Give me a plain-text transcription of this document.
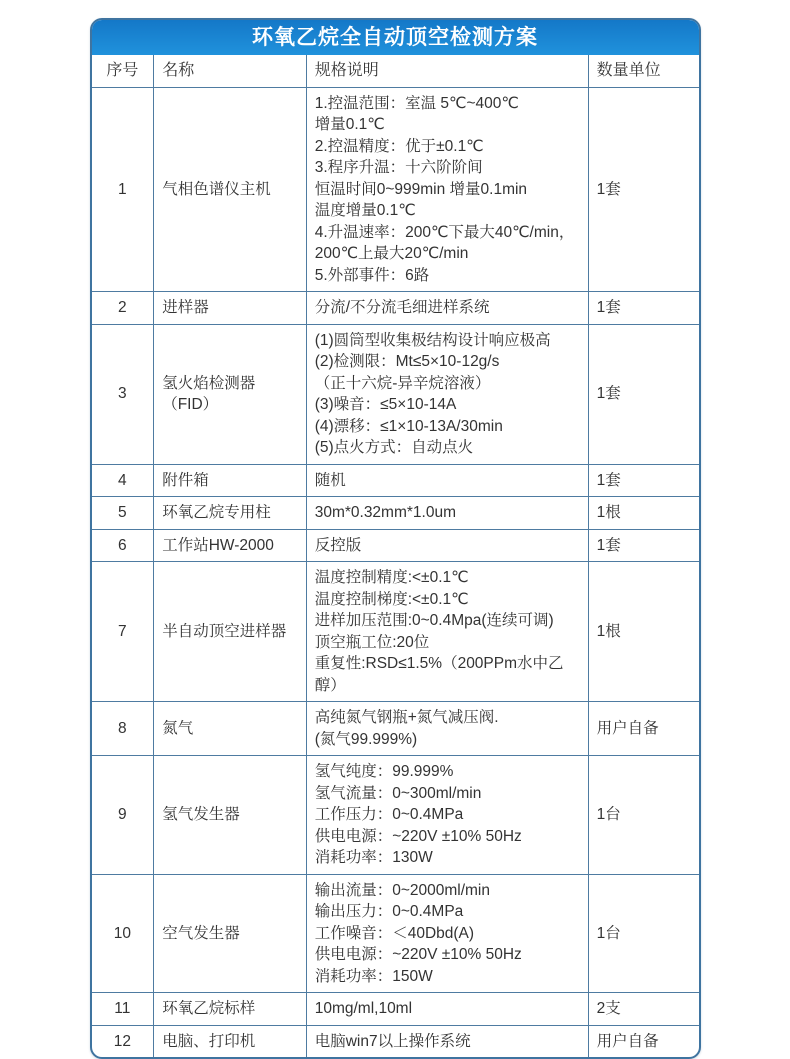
环氧乙烷全自动顶空检测方案
序号	名称	规格说明	数量单位
1	气相色谱仪主机	
1.控温范围：室温 5℃~400℃
增量0.1℃
2.控温精度：优于±0.1℃
3.程序升温：十六阶阶间
恒温时间0~999min 增量0.1min
温度增量0.1℃
4.升温速率：200℃下最大40℃/min，
200℃上最大20℃/min
5.外部事件：6路
	1套
2	进样器	分流/不分流毛细进样系统	1套
3	氢火焰检测器（FID）	
(1)圆筒型收集极结构设计响应极高
(2)检测限：Mt≤5×10-12g/s
（正十六烷-异辛烷溶液）
(3)噪音：≤5×10-14A
(4)漂移：≤1×10-13A/30min
(5)点火方式：自动点火
	1套
4	附件箱	随机	1套
5	环氧乙烷专用柱	30m*0.32mm*1.0um	1根
6	工作站HW-2000	反控版	1套
7	半自动顶空进样器	温度控制精度:<±0.1℃
温度控制梯度:<±0.1℃
进样加压范围:0~0.4Mpa(连续可调)
顶空瓶工位:20位
重复性:RSD≤1.5%（200PPm水中乙醇）	1根
8	氮气	高纯氮气钢瓶+氮气减压阀.
(氮气99.999%)	用户自备
9	氢气发生器	氢气纯度：99.999%
氢气流量：0~300ml/min
工作压力：0~0.4MPa
供电电源：~220V ±10% 50Hz
消耗功率：130W	1台
10	空气发生器	输出流量：0~2000ml/min
输出压力：0~0.4MPa
工作噪音：＜40Dbd(A)
供电电源：~220V ±10% 50Hz
消耗功率：150W	1台
11	环氧乙烷标样	10mg/ml,10ml	2支
12	电脑、打印机	电脑win7以上操作系统	用户自备
